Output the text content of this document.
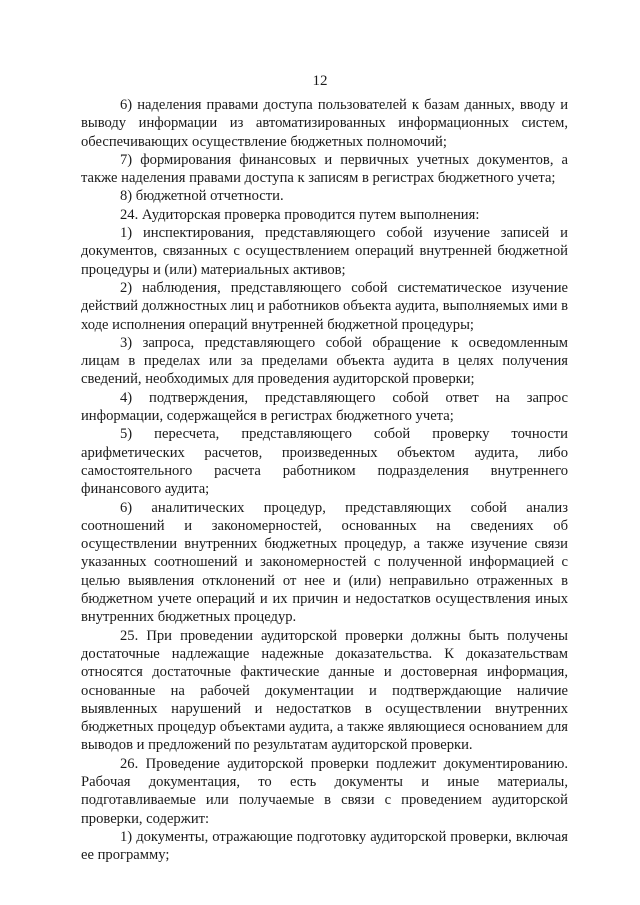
12

6) наделения правами доступа пользователей к базам данных, вводу и выводу информации из автоматизированных информационных систем, обеспечивающих осуществление бюджетных полномочий;

7) формирования финансовых и первичных учетных документов, а также наделения правами доступа к записям в регистрах бюджетного учета;

8) бюджетной отчетности.

24. Аудиторская проверка проводится путем выполнения:

1) инспектирования, представляющего собой изучение записей и документов, связанных с осуществлением операций внутренней бюджетной процедуры и (или) материальных активов;

2) наблюдения, представляющего собой систематическое изучение действий должностных лиц и работников объекта аудита, выполняемых ими в ходе исполнения операций внутренней бюджетной процедуры;

3) запроса, представляющего собой обращение к осведомленным лицам в пределах или за пределами объекта аудита в целях получения сведений, необходимых для проведения аудиторской проверки;

4) подтверждения, представляющего собой ответ на запрос информации, содержащейся в регистрах бюджетного учета;

5) пересчета, представляющего собой проверку точности арифметических расчетов, произведенных объектом аудита, либо самостоятельного расчета работником подразделения внутреннего финансового аудита;

6) аналитических процедур, представляющих собой анализ соотношений и закономерностей, основанных на сведениях об осуществлении внутренних бюджетных процедур, а также изучение связи указанных соотношений и закономерностей с полученной информацией с целью выявления отклонений от нее и (или) неправильно отраженных в бюджетном учете операций и их причин и недостатков осуществления иных внутренних бюджетных процедур.

25. При проведении аудиторской проверки должны быть получены достаточные надлежащие надежные доказательства. К доказательствам относятся достаточные фактические данные и достоверная информация, основанные на рабочей документации и подтверждающие наличие выявленных нарушений и недостатков в осуществлении внутренних бюджетных процедур объектами аудита, а также являющиеся основанием для выводов и предложений по результатам аудиторской проверки.

26. Проведение аудиторской проверки подлежит документированию. Рабочая документация, то есть документы и иные материалы, подготавливаемые или получаемые в связи с проведением аудиторской проверки, содержит:

1) документы, отражающие подготовку аудиторской проверки, включая ее программу;
